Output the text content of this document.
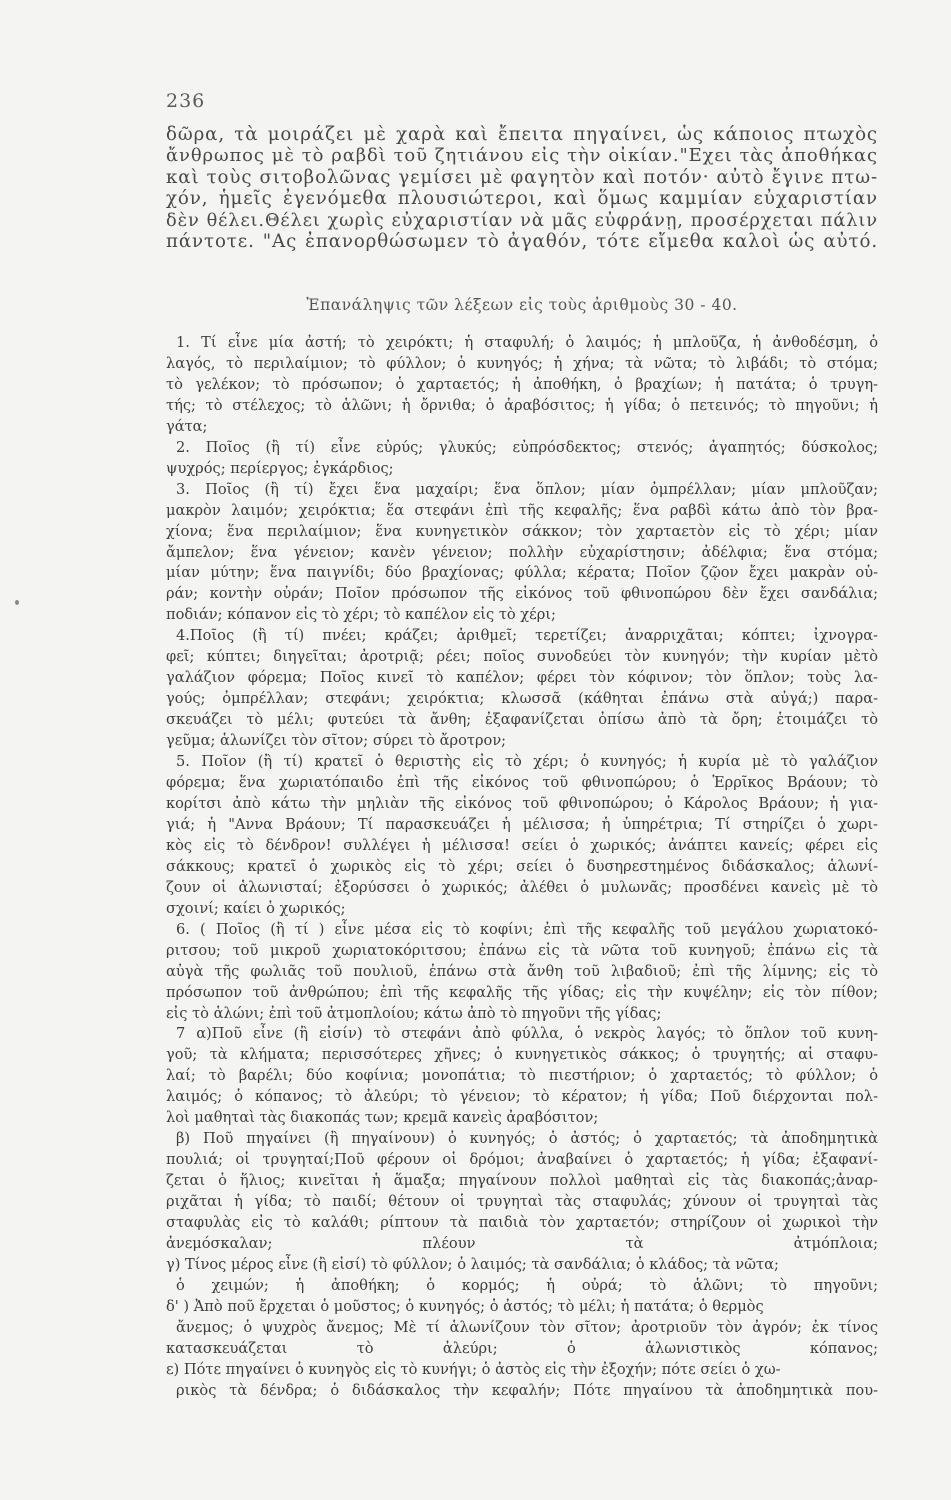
236
δῶρα, τὰ μοιράζει μὲ χαρὰ καὶ ἔπειτα πηγαίνει, ὡς κάποιος πτωχὸς
ἄνθρωπος μὲ τὸ ραβδὶ τοῦ ζητιάνου εἰς τὴν οἰκίαν."Εχει τὰς ἀποθήκας
καὶ τοὺς σιτοβολῶνας γεμίσει μὲ φαγητὸν καὶ ποτόν· αὐτὸ ἔγινε πτω-
χόν, ἡμεῖς ἐγενόμεθα πλουσιώτεροι, καὶ ὅμως καμμίαν εὐχαριστίαν
δὲν θέλει.Θέλει χωρὶς εὐχαριστίαν νὰ μᾶς εὐφράνῃ, προσέρχεται πάλιν
πάντοτε. "Ας ἐπανορθώσωμεν τὸ ἀγαθόν, τότε εἴμεθα καλοὶ ὡς αὐτό.
Ἐπανάληψις τῶν λέξεων εἰς τοὺς ἀριθμοὺς 30 - 40.
1. Τί εἶνε μία ἀστή; τὸ χειρόκτι; ἡ σταφυλή; ὁ λαιμός; ἡ μπλοῦζα, ἡ ἀνθοδέσμη, ὁ
λαγός, τὸ περιλαίμιον; τὸ φύλλον; ὁ κυνηγός; ἡ χήνα; τὰ νῶτα; τὸ λιβάδι; τὸ στόμα;
τὸ γελέκον; τὸ πρόσωπον; ὁ χαρταετός; ἡ ἀποθήκη, ὁ βραχίων; ἡ πατάτα; ὁ τρυγη-
τής; τὸ στέλεχος; τὸ ἁλῶνι; ἡ ὄρνιθα; ὁ ἀραβόσιτος; ἡ γίδα; ὁ πετεινός; τὸ πηγοῦνι; ἡ
γάτα;
2. Ποῖος (ἢ τί) εἶνε εὐρύς; γλυκύς; εὐπρόσδεκτος; στενός; ἀγαπητός; δύσκολος;
ψυχρός; περίεργος; ἐγκάρδιος;
3. Ποῖος (ἢ τί) ἔχει ἕνα μαχαίρι; ἕνα ὅπλον; μίαν ὀμπρέλλαν; μίαν μπλοῦζαν;
μακρὸν λαιμόν; χειρόκτια; ἕα στεφάνι ἐπὶ τῆς κεφαλῆς; ἕνα ραβδὶ κάτω ἀπὸ τὸν βρα-
χίονα; ἕνα περιλαίμιον; ἕνα κυνηγετικὸν σάκκον; τὸν χαρταετὸν εἰς τὸ χέρι; μίαν
ἄμπελον; ἕνα γένειον; κανὲν γένειον; πολλὴν εὐχαρίστησιν; ἀδέλφια; ἕνα στόμα;
μίαν μύτην; ἕνα παιγνίδι; δύο βραχίονας; φύλλα; κέρατα; Ποῖον ζῷον ἔχει μακρὰν οὐ-
ράν; κοντὴν οὐράν; Ποῖον πρόσωπον τῆς εἰκόνος τοῦ φθινοπώρου δὲν ἔχει σανδάλια;
ποδιάν; κόπανον εἰς τὸ χέρι; τὸ καπέλον εἰς τὸ χέρι;
4.Ποῖος (ἢ τί) πνέει; κράζει; ἀριθμεῖ; τερετίζει; ἀναρριχᾶται; κόπτει; ἰχνογρα-
φεῖ; κύπτει; διηγεῖται; ἀροτριᾷ; ρέει; ποῖος συνοδεύει τὸν κυνηγόν; τὴν κυρίαν μὲτὸ
γαλάζιον φόρεμα; Ποῖος κινεῖ τὸ καπέλον; φέρει τὸν κόφινον; τὸν ὅπλον; τοὺς λα-
γούς; ὀμπρέλλαν; στεφάνι; χειρόκτια; κλωσσᾶ (κάθηται ἐπάνω στὰ αὐγά;) παρα-
σκευάζει τὸ μέλι; φυτεύει τὰ ἄνθη; ἐξαφανίζεται ὀπίσω ἀπὸ τὰ ὄρη; ἑτοιμάζει τὸ
γεῦμα; ἁλωνίζει τὸν σῖτον; σύρει τὸ ἄροτρον;
5. Ποῖον (ἢ τί) κρατεῖ ὁ θεριστὴς εἰς τὸ χέρι; ὁ κυνηγός; ἡ κυρία μὲ τὸ γαλάζιον
φόρεμα; ἕνα χωριατόπαιδο ἐπὶ τῆς εἰκόνος τοῦ φθινοπώρου; ὁ Ἑρρῖκος Βράουν; τὸ
κορίτσι ἀπὸ κάτω τὴν μηλιὰν τῆς εἰκόνος τοῦ φθινοπώρου; ὁ Κάρολος Βράουν; ἡ για-
γιά; ἡ "Αννα Βράουν; Τί παρασκευάζει ἡ μέλισσα; ἡ ὑπηρέτρια; Τί στηρίζει ὁ χωρι-
κὸς εἰς τὸ δένδρον! συλλέγει ἡ μέλισσα! σείει ὁ χωρικός; ἀνάπτει κανείς; φέρει εἰς
σάκκους; κρατεῖ ὁ χωρικὸς εἰς τὸ χέρι; σείει ὁ δυσηρεστημένος διδάσκαλος; ἁλωνί-
ζουν οἱ ἁλωνισταί; ἐξορύσσει ὁ χωρικός; ἀλέθει ὁ μυλωνᾶς; προσδένει κανεὶς μὲ τὸ
σχοινί; καίει ὁ χωρικός;
6. ( Ποῖος (ἢ τί ) εἶνε μέσα εἰς τὸ κοφίνι; ἐπὶ τῆς κεφαλῆς τοῦ μεγάλου χωριατοκό-
ριτσου; τοῦ μικροῦ χωριατοκόριτσου; ἐπάνω εἰς τὰ νῶτα τοῦ κυνηγοῦ; ἐπάνω εἰς τὰ
αὐγὰ τῆς φωλιᾶς τοῦ πουλιοῦ, ἐπάνω στὰ ἄνθη τοῦ λιβαδιοῦ; ἐπὶ τῆς λίμνης; εἰς τὸ
πρόσωπον τοῦ ἀνθρώπου; ἐπὶ τῆς κεφαλῆς τῆς γίδας; εἰς τὴν κυψέλην; εἰς τὸν πίθον;
εἰς τὸ ἁλώνι; ἐπὶ τοῦ ἀτμοπλοίου; κάτω ἀπὸ τὸ πηγοῦνι τῆς γίδας;
7 α)Ποῦ εἶνε (ἢ εἰσίν) τὸ στεφάνι ἀπὸ φύλλα, ὁ νεκρὸς λαγός; τὸ ὅπλον τοῦ κυνη-
γοῦ; τὰ κλήματα; περισσότερες χῆνες; ὁ κυνηγετικὸς σάκκος; ὁ τρυγητής; αἱ σταφυ-
λαί; τὸ βαρέλι; δύο κοφίνια; μονοπάτια; τὸ πιεστήριον; ὁ χαρταετός; τὸ φύλλον; ὁ
λαιμός; ὁ κόπανος; τὸ ἀλεύρι; τὸ γένειον; τὸ κέρατον; ἡ γίδα; Ποῦ διέρχονται πολ-
λοὶ μαθηταὶ τὰς διακοπάς των; κρεμᾶ κανεὶς ἀραβόσιτον;
β) Ποῦ πηγαίνει (ἢ πηγαίνουν) ὁ κυνηγός; ὁ ἀστός; ὁ χαρταετός; τὰ ἀποδημητικὰ
πουλιά; οἱ τρυγηταί;Ποῦ φέρουν οἱ δρόμοι; ἀναβαίνει ὁ χαρταετός; ἡ γίδα; ἐξαφανί-
ζεται ὁ ἥλιος; κινεῖται ἡ ἅμαξα; πηγαίνουν πολλοὶ μαθηταὶ εἰς τὰς διακοπάς;ἀναρ-
ριχᾶται ἡ γίδα; τὸ παιδί; θέτουν οἱ τρυγηταὶ τὰς σταφυλάς; χύνουν οἱ τρυγηταὶ τὰς
σταφυλὰς εἰς τὸ καλάθι; ρίπτουν τὰ παιδιὰ τὸν χαρταετόν; στηρίζουν οἱ χωρικοὶ τὴν
ἀνεμόσκαλαν; πλέουν τὰ ἀτμόπλοια;
γ) Τίνος μέρος εἶνε (ἢ εἰσί) τὸ φύλλον; ὁ λαιμός; τὰ σανδάλια; ὁ κλάδος; τὰ νῶτα;
ὁ χειμών; ἡ ἀποθήκη; ὁ κορμός; ἡ οὐρά; τὸ ἁλῶνι; τὸ πηγοῦνι;
δ' ) Ἀπὸ ποῦ ἔρχεται ὁ μοῦστος; ὁ κυνηγός; ὁ ἀστός; τὸ μέλι; ἡ πατάτα; ὁ θερμὸς
ἄνεμος; ὁ ψυχρὸς ἄνεμος; Μὲ τί ἁλωνίζουν τὸν σῖτον; ἀροτριοῦν τὸν ἀγρόν; ἐκ τίνος
κατασκευάζεται τὸ ἀλεύρι; ὁ ἁλωνιστικὸς κόπανος;
ε) Πότε πηγαίνει ὁ κυνηγὸς εἰς τὸ κυνήγι; ὁ ἀστὸς εἰς τὴν ἐξοχήν; πότε σείει ὁ χω-
ρικὸς τὰ δένδρα; ὁ διδάσκαλος τὴν κεφαλήν; Πότε πηγαίνου τὰ ἀποδημητικὰ που-
